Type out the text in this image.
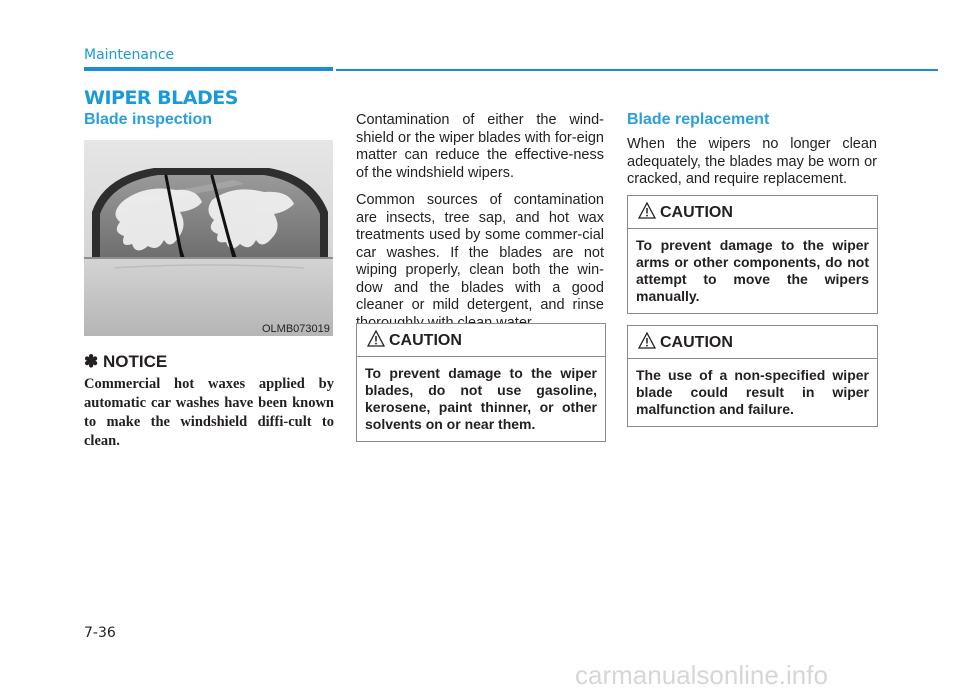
Maintenance
WIPER BLADES
Blade inspection
OLMB073019
✽ NOTICE
Commercial hot waxes applied by automatic car washes have been known to make the windshield diffi-cult to clean.

Contamination of either the wind-shield or the wiper blades with for-eign matter can reduce the effective-ness of the windshield wipers.

Common sources of contamination are insects, tree sap, and hot wax treatments used by some commer-cial car washes. If the blades are not wiping properly, clean both the win-dow and the blades with a good cleaner or mild detergent, and rinse

CAUTION
To prevent damage to the wiper blades, do not use gasoline, kerosene, paint thinner, or other solvents on or near them.
Blade replacement

When the wipers no longer clean adequately, the blades may be worn or cracked, and require replacement.

CAUTION
To prevent damage to the wiper arms or other components, do not attempt to move the wipers manually.
CAUTION
The use of a non-specified wiper blade could result in wiper malfunction and failure.
7-36
carmanualsonline.info
